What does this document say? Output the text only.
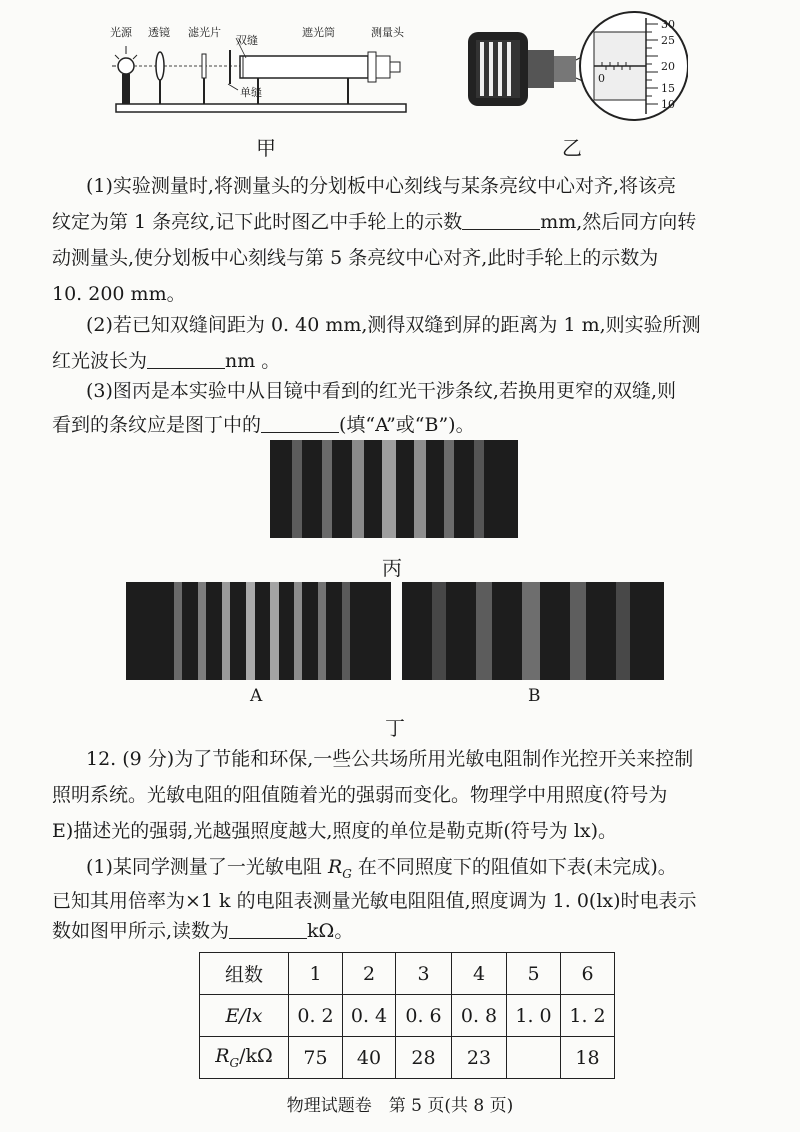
光源 透镜 滤光片
双缝
遮光筒	测量头
单缝
甲
30
25
20
15
10
0
乙
(1)实验测量时,将测量头的分划板中心刻线与某条亮纹中心对齐,将该亮
纹定为第 1 条亮纹,记下此时图乙中手轮上的示数	mm,然后同方向转
动测量头,使分划板中心刻线与第 5 条亮纹中心对齐,此时手轮上的示数为
10. 200 mm。
(2)若已知双缝间距为 0. 40 mm,测得双缝到屏的距离为 1 m,则实验所测
红光波长为	nm 。
(3)图丙是本实验中从目镜中看到的红光干涉条纹,若换用更窄的双缝,则
看到的条纹应是图丁中的	(填“A”或“B”)。
丙
A	B
丁
12. (9 分)为了节能和环保,一些公共场所用光敏电阻制作光控开关来控制
照明系统。光敏电阻的阻值随着光的强弱而变化。物理学中用照度(符号为
E)描述光的强弱,光越强照度越大,照度的单位是勒克斯(符号为 lx)。
(1)某同学测量了一光敏电阻 $R_G$ 在不同照度下的阻值如下表(未完成)。
已知其用倍率为×1 k 的电阻表测量光敏电阻阻值,照度调为 1. 0(lx)时电表示
数如图甲所示,读数为	kΩ。
组数	1	2	3	4	5	6
E/lx	0. 2	0. 4	0. 6	0. 8	1. 0	1. 2
$R_G/k\Omega$	75	40	28	23		18
物理试题卷　第 5 页(共 8 页)
